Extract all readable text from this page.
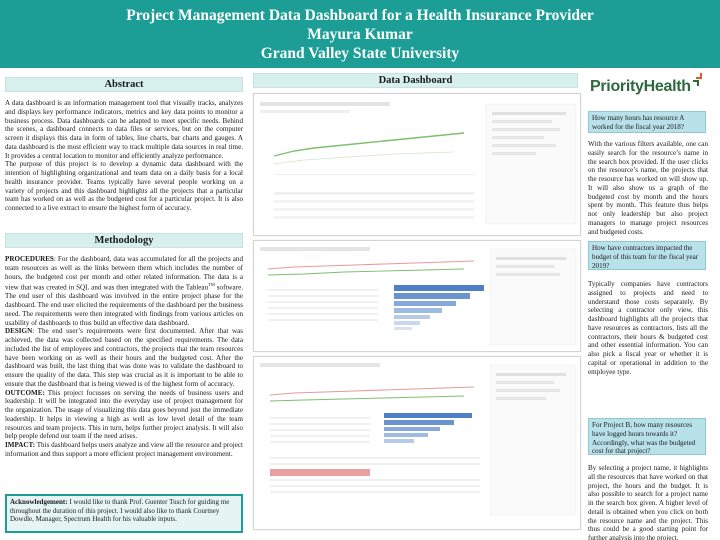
Project Management Data Dashboard for a Health Insurance Provider
Mayura Kumar
Grand Valley State University
Abstract

A data dashboard is an information management tool that visually tracks, analyzes and displays key performance indicators, metrics and key data points to monitor a business process. Data dashboards can be adapted to meet specific needs. Behind the scenes, a dashboard connects to data files or services, but on the computer screen it displays this data in form of tables, line charts, bar charts and gauges. A data dashboard is the most efficient way to track multiple data sources in real time. It provides a central location to monitor and efficiently analyze performance.

The purpose of this project is to develop a dynamic data dashboard with the intention of highlighting organizational and team data on a daily basis for a local health insurance provider. Teams typically have several people working on a variety of projects and this dashboard highlights all the projects that a particular team has worked on as well as the budgeted cost for a particular project. It is also connected to a live extract to ensure the highest form of accuracy.

Methodology

PROCEDURES: For the dashboard, data was accumulated for all the projects and team resources as well as the links between them which includes the number of hours, the budgeted cost per month and other related information. The data is a view that was created in SQL and was then integrated with the Tableau™ software. The end user of this dashboard was involved in the entire project phase for the dashboard. The end user elicited the requirements of the dashboard per the business need. The requirements were then integrated with findings from various articles on usability of dashboards to thus build an effective data dashboard.

DESIGN: The end user’s requirements were first documented. After that was achieved, the data was collected based on the specified requirements. The data included the list of employees and contractors, the projects that the team resources have been working on as well as their hours and the budgeted cost. After the dashboard was built, the last thing that was done was to validate the dashboard to ensure the quality of the data. This step was crucial as it is important to be able to ensure that the dashboard that is being viewed is of the highest form of accuracy.

OUTCOME: This project focusses on serving the needs of business users and leadership. It will be integrated into the everyday use of project management for the organization. The usage of visualizing this data goes beyond just the immediate leadership. It helps in viewing a high as well as low level detail of the team resources and team projects. This in turn, helps further project analysis. It will also help people defend our team if the need arises.

IMPACT: This dashboard helps users analyze and view all the resource and project information and thus support a more efficient project management environment.

Acknowledgement: I would like to thank Prof. Guenter Tusch for guiding me throughout the duration of this project. I would also like to thank Courtney Dowdle, Manager, Spectrum Health for his valuable inputs.
Data Dashboard	PriorityHealth
How many hours has resource A worked for the fiscal year 2018?
With the various filters available, one can easily search for the resource’s name in the search box provided. If the user clicks on the resource’s name, the projects that the resource has worked on will show up. It will also show us a graph of the budgeted cost by month and the hours spent by month. This feature thus helps not only leadership but also project managers to manage project resources and budgeted costs.
How have contractors impacted the budget of this team for the fiscal year 2019?
Typically companies have contractors assigned to projects and need to understand those costs separately. By selecting a contractor only view, this dashboard highlights all the projects that have resources as contractors, lists all the contractors, their hours & budgeted cost and other essential information. You can also pick a fiscal year or whether it is capital or operational in addition to the employee type.
For Project B, how many resources have logged hours towards it? Accordingly, what was the budgeted cost for that project?
By selecting a project name, it highlights all the resources that have worked on that project, the hours and the budget. It is also possible to search for a project name in the search box given. A higher level of detail is obtained when you click on both the resource name and the project. This thus could be a good starting point for further analysis into the project.
